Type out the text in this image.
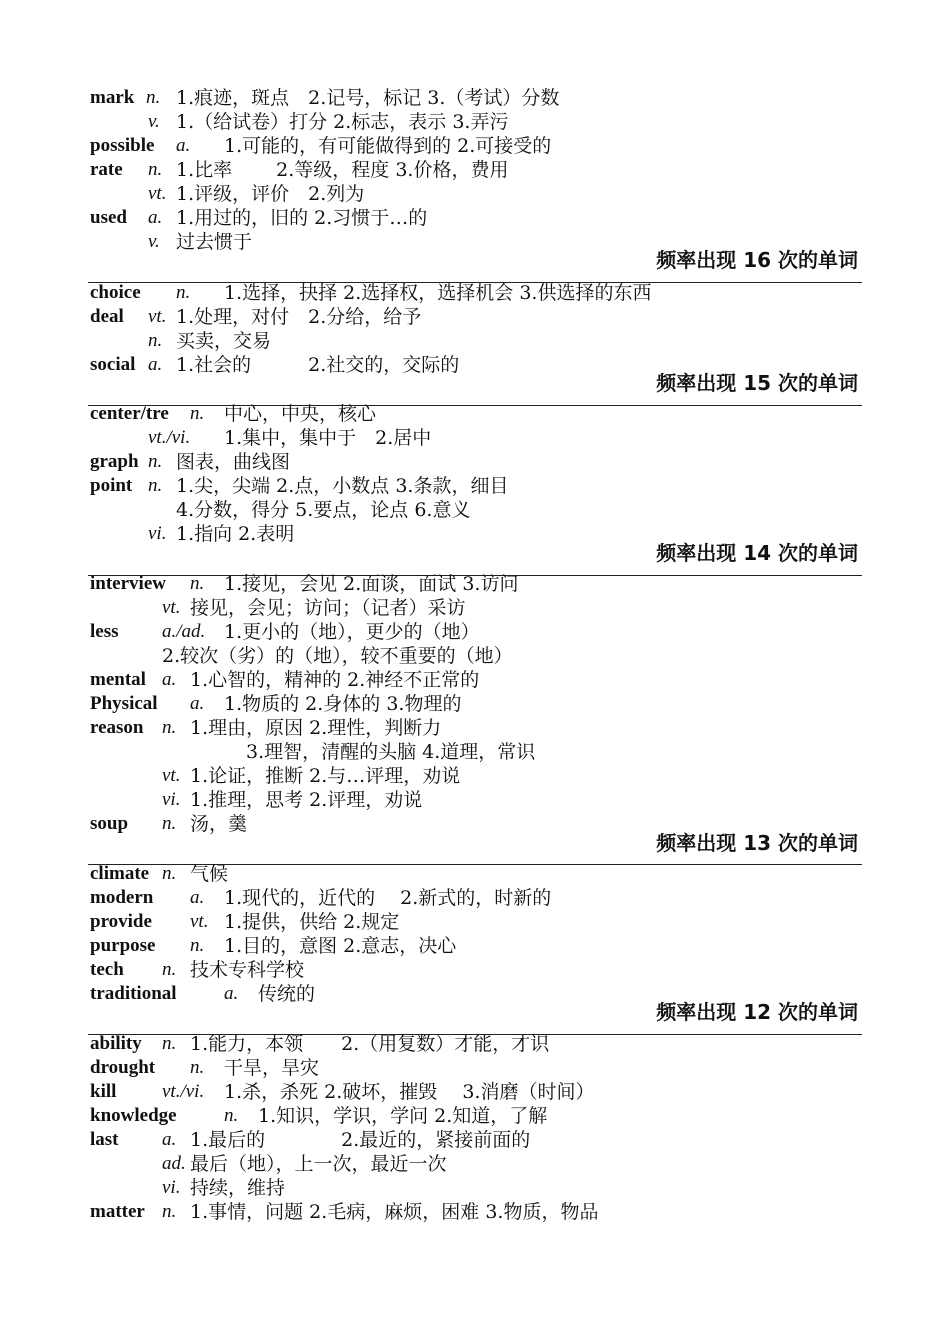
mark n. 1.痕迹，斑点　2.记号，标记 3.（考试）分数
v. 1.（给试卷）打分 2.标志，表示 3.弄污
possible a. 1.可能的，有可能做得到的 2.可接受的
rate n. 1.比率　　 2.等级，程度 3.价格，费用
vt. 1.评级，评价　2.列为
used a. 1.用过的，旧的 2.习惯于…的
v. 过去惯于
频率出现 16 次的单词
choice n. 1.选择，抉择 2.选择权，选择机会 3.供选择的东西
deal vt. 1.处理，对付　2.分给，给予
n. 买卖，交易
social a. 1.社会的　　　2.社交的，交际的
频率出现 15 次的单词
center/tre n. 中心，中央，核心
vt./vi. 1.集中，集中于　2.居中
graph n. 图表，曲线图
point n. 1.尖，尖端 2.点，小数点 3.条款，细目
4.分数，得分 5.要点，论点 6.意义
vi. 1.指向 2.表明
频率出现 14 次的单词
interview n. 1.接见，会见 2.面谈，面试 3.访问
vt. 接见，会见；访问；（记者）采访
less a./ad. 1.更小的（地），更少的（地）
2.较次（劣）的（地），较不重要的（地）
mental a. 1.心智的，精神的 2.神经不正常的
Physical a. 1.物质的 2.身体的 3.物理的
reason n. 1.理由，原因 2.理性，判断力
3.理智，清醒的头脑 4.道理，常识
vt. 1.论证，推断 2.与…评理，劝说
vi. 1.推理，思考 2.评理，劝说
soup n. 汤，羹
频率出现 13 次的单词
climate n. 气候
modern a. 1.现代的，近代的　 2.新式的，时新的
provide vt. 1.提供，供给 2.规定
purpose n. 1.目的，意图 2.意志，决心
tech n. 技术专科学校
traditional a. 传统的
频率出现 12 次的单词
ability n. 1.能力，本领　　2.（用复数）才能，才识
drought n. 干旱，旱灾
kill vt./vi. 1.杀，杀死 2.破坏，摧毁　 3.消磨（时间）
knowledge n. 1.知识，学识，学问 2.知道，了解
last a. 1.最后的　　　　2.最近的，紧接前面的
ad. 最后（地），上一次，最近一次
vi. 持续，维持
matter n. 1.事情，问题 2.毛病，麻烦，困难 3.物质，物品
